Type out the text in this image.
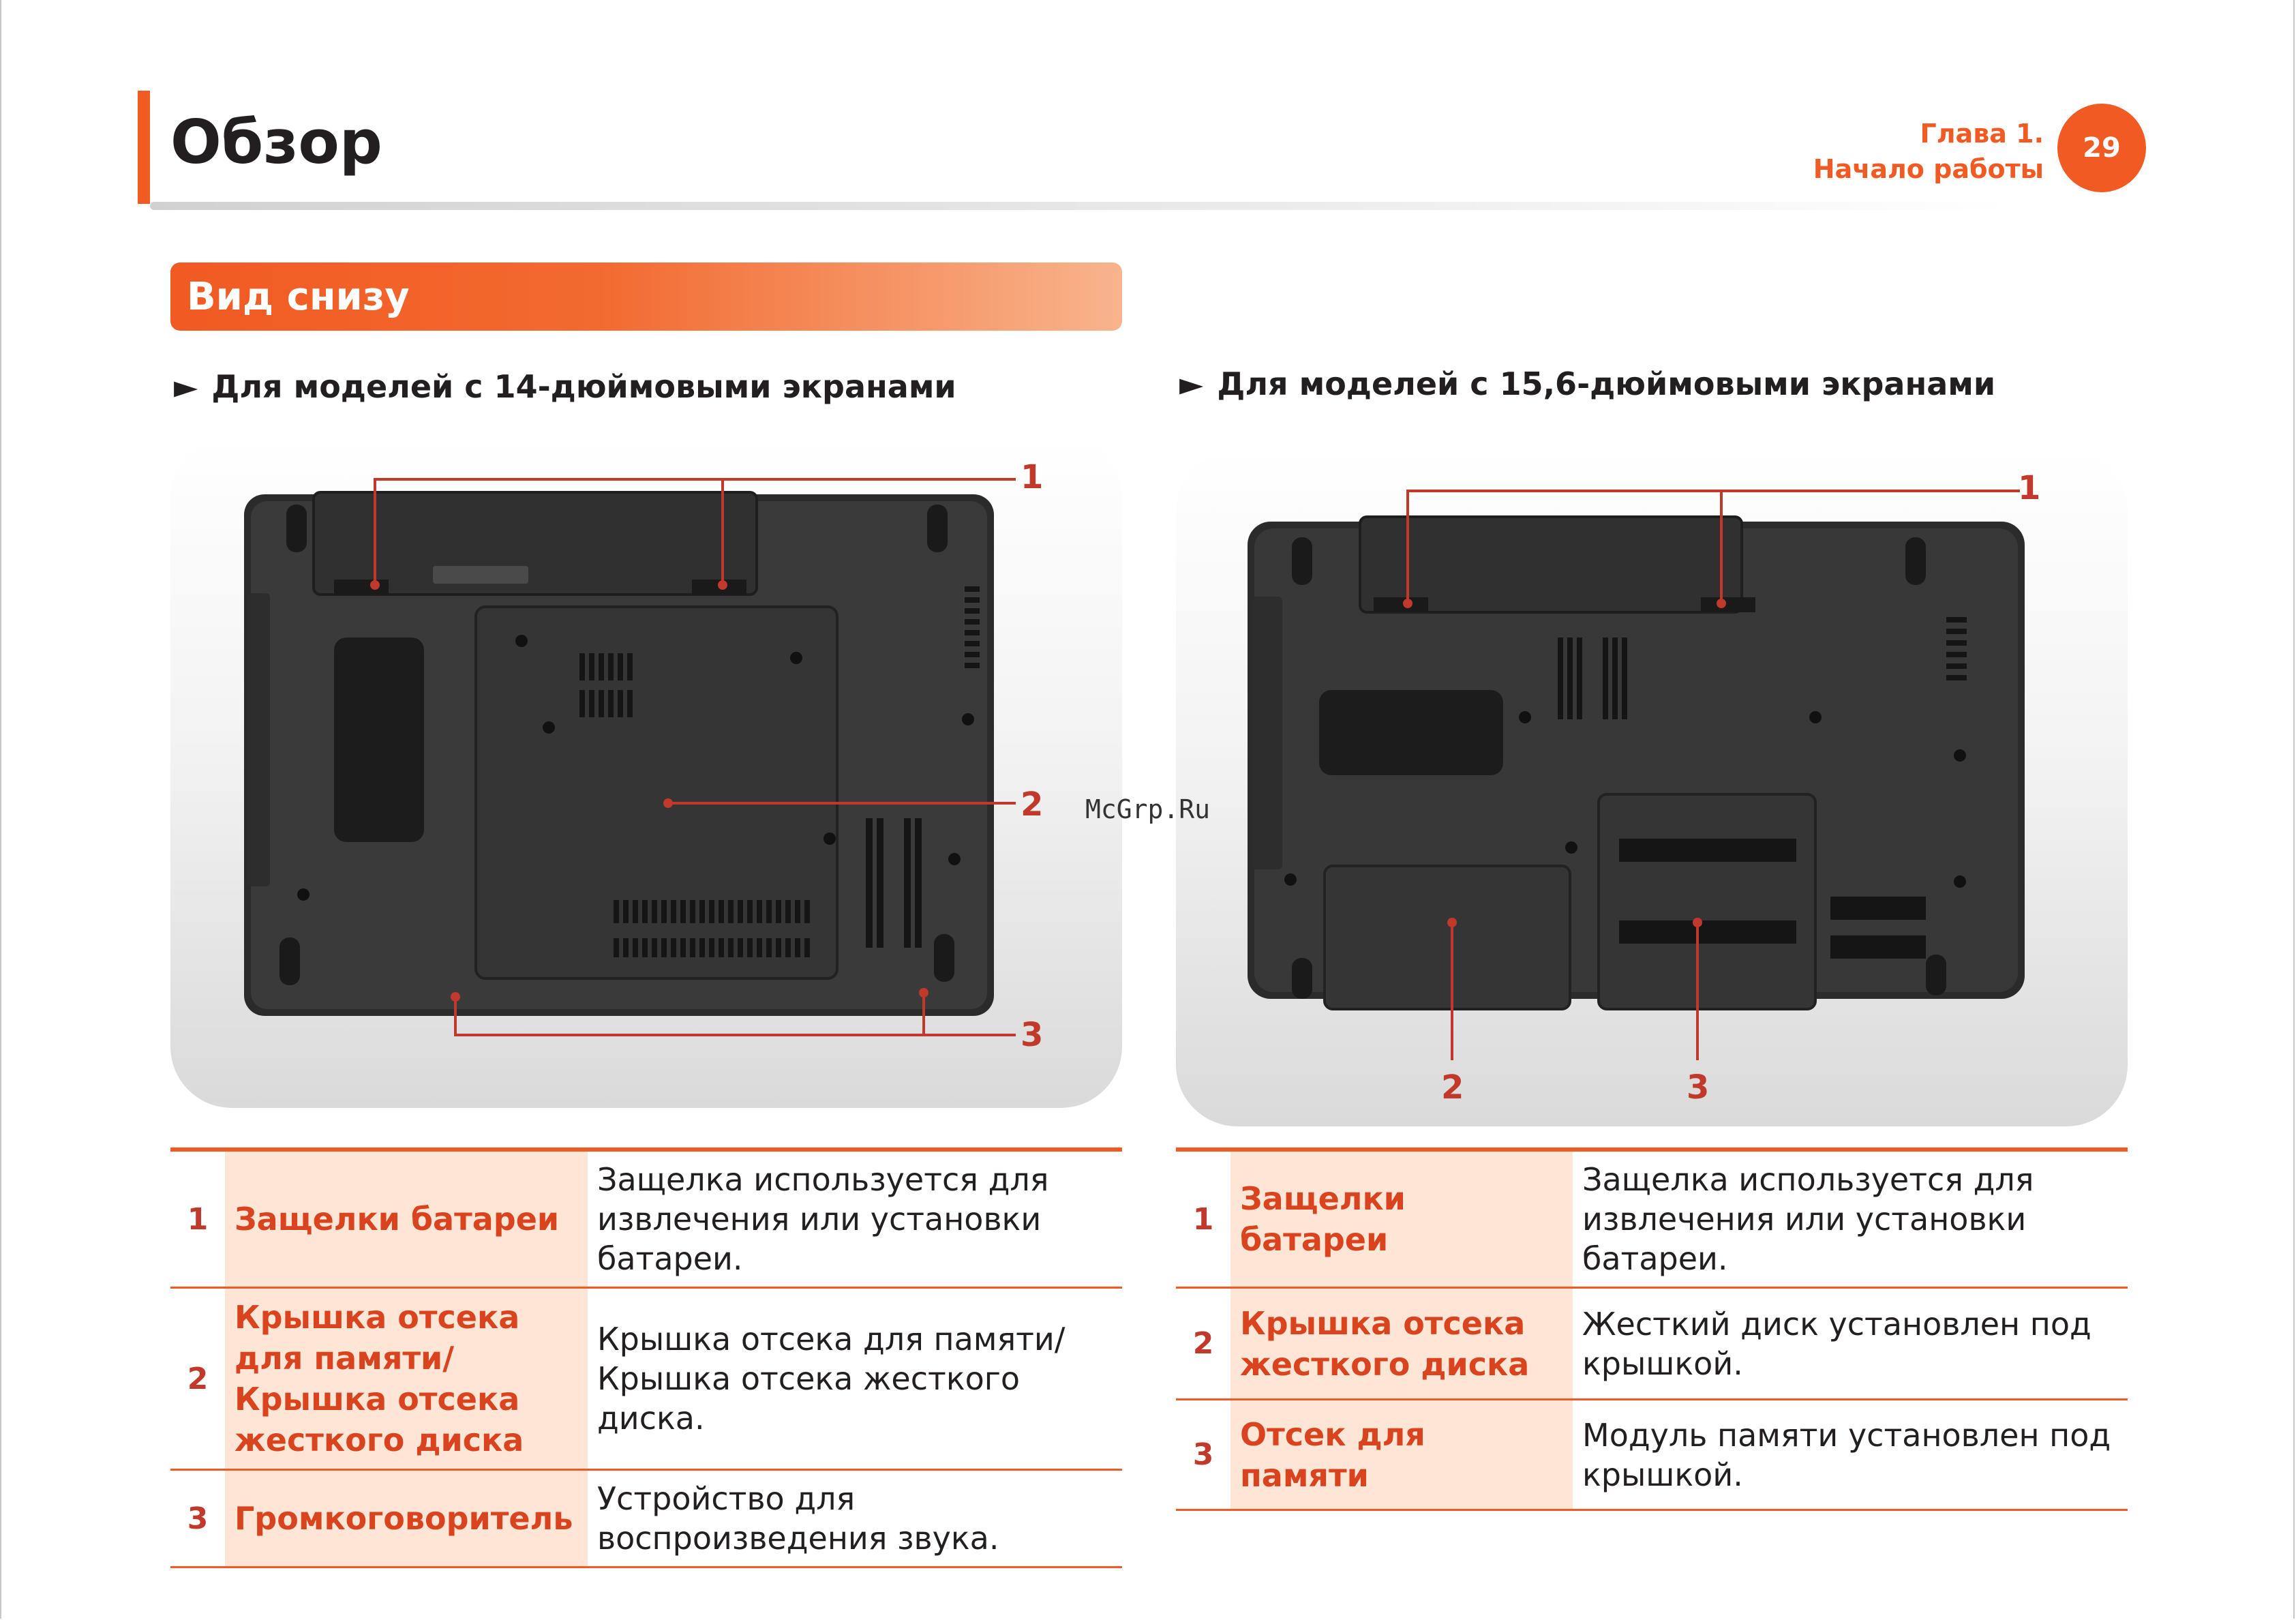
Обзор	Глава 1.
Начало работы
29
Вид снизу
► Для моделей с 14-дюймовыми экранами	► Для моделей с 15,6-дюймовыми экранами
1
2
3
1
2	3
McGrp.Ru
1	Защелки батареи	Защелка используется для извлечения или установки батареи.
2	Крышка отсека для памяти/Крышка отсека жесткого диска	Крышка отсека для памяти/Крышка отсека жесткого диска.
3	Громкоговоритель	Устройство для воспроизведения звука.
1	Защелки батареи	Защелка используется для извлечения или установки батареи.
2	Крышка отсека жесткого диска	Жесткий диск установлен под крышкой.
3	Отсек для памяти	Модуль памяти установлен под крышкой.
